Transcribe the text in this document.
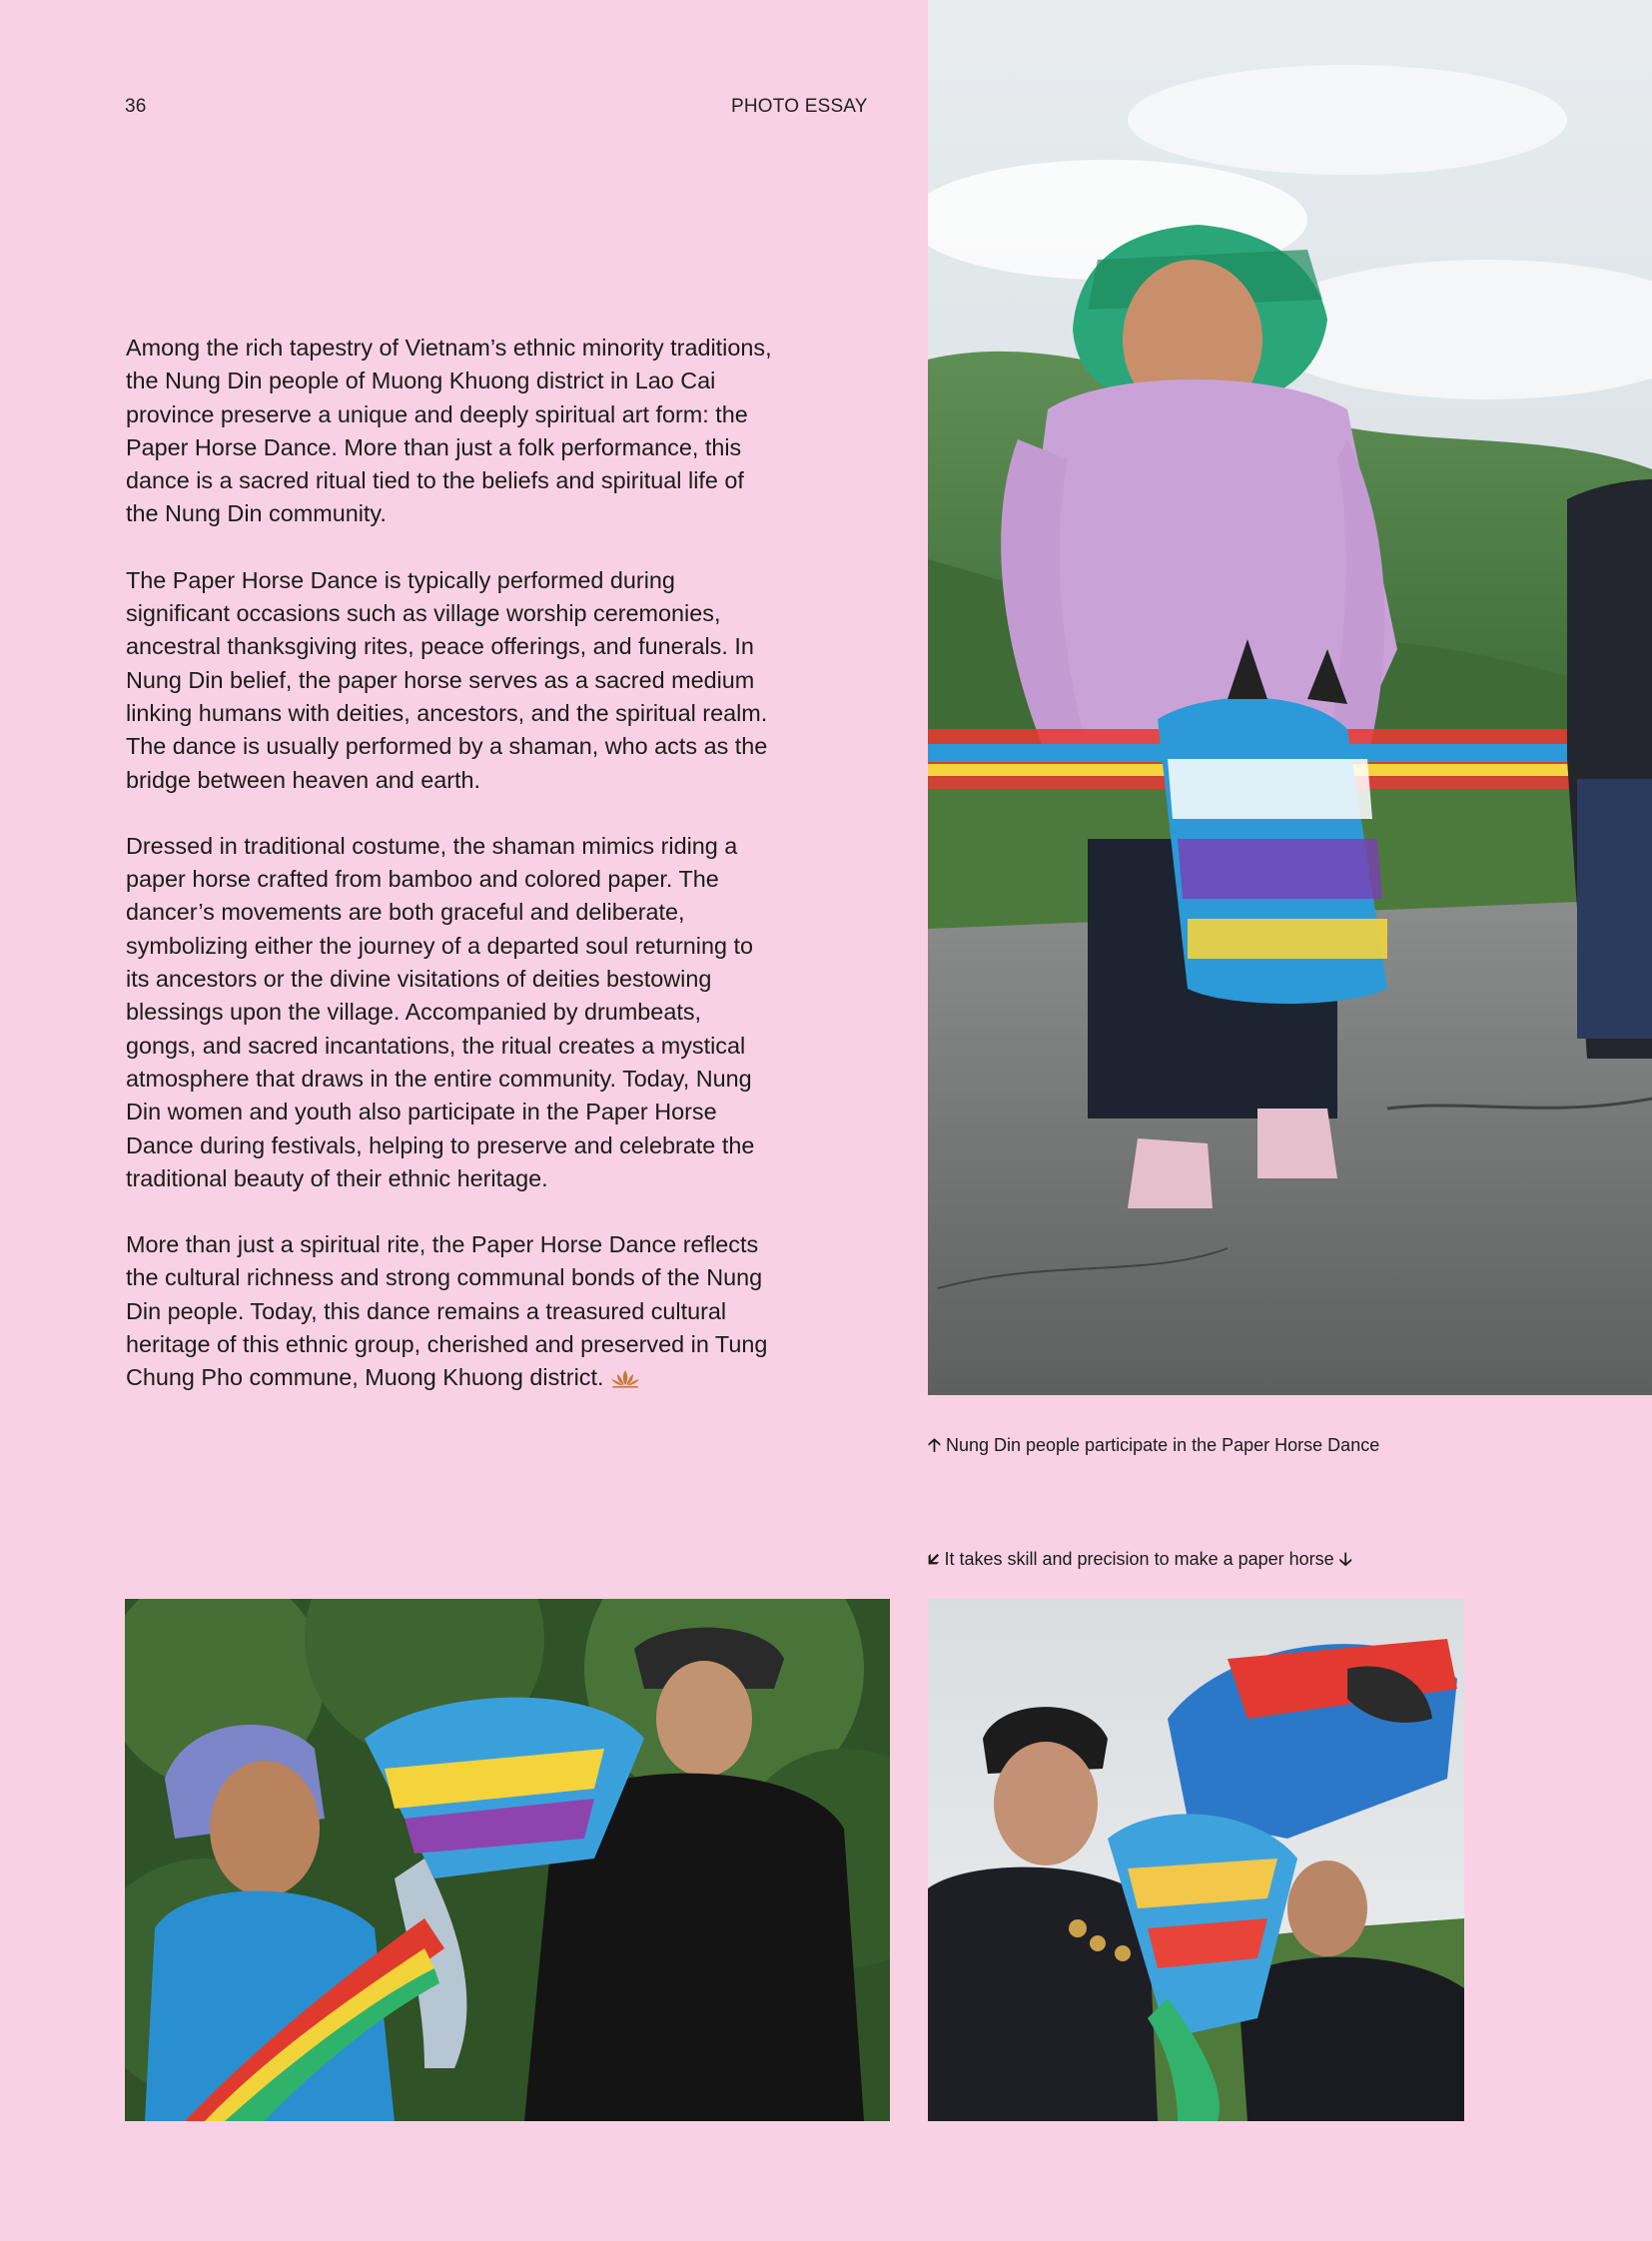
36	PHOTO ESSAY

Among the rich tapestry of Vietnam’s ethnic minority traditions, the Nung Din people of Muong Khuong district in Lao Cai province preserve a unique and deeply spiritual art form: the Paper Horse Dance. More than just a folk performance, this dance is a sacred ritual tied to the beliefs and spiritual life of the Nung Din community.

The Paper Horse Dance is typically performed during significant occasions such as village worship ceremonies, ancestral thanksgiving rites, peace offerings, and funerals. In Nung Din belief, the paper horse serves as a sacred medium linking humans with deities, ancestors, and the spiritual realm. The dance is usually performed by a shaman, who acts as the bridge between heaven and earth.

Dressed in traditional costume, the shaman mimics riding a paper horse crafted from bamboo and colored paper. The dancer’s movements are both graceful and deliberate, symbolizing either the journey of a departed soul returning to its ancestors or the divine visitations of deities bestowing blessings upon the village. Accompanied by drumbeats, gongs, and sacred incantations, the ritual creates a mystical atmosphere that draws in the entire community. Today, Nung Din women and youth also participate in the Paper Horse Dance during festivals, helping to preserve and celebrate the traditional beauty of their ethnic heritage.

More than just a spiritual rite, the Paper Horse Dance reflects the cultural richness and strong communal bonds of the Nung Din people. Today, this dance remains a treasured cultural heritage of this ethnic group, cherished and preserved in Tung Chung Pho commune, Muong Khuong district.

🡡 Nung Din people participate in the Paper Horse Dance
🡯 It takes skill and precision to make a paper horse 🡣
